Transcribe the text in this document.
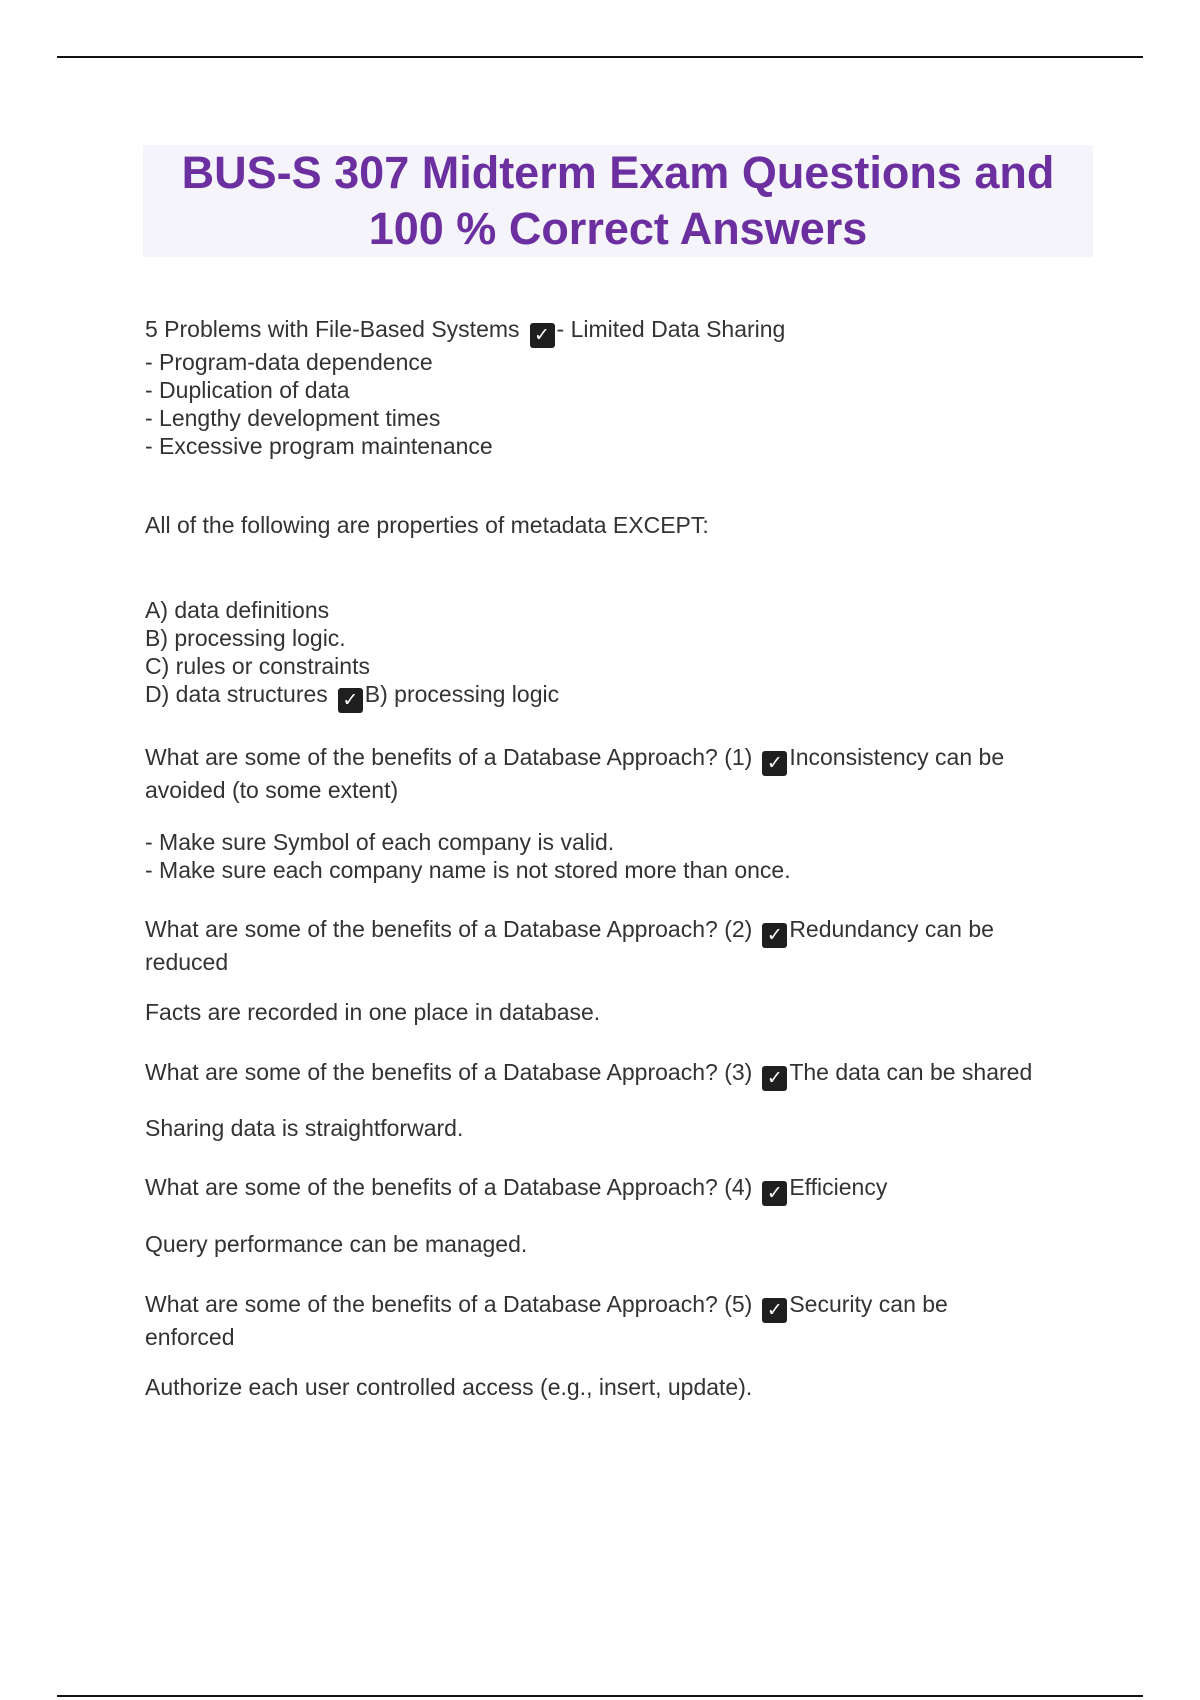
BUS-S 307 Midterm Exam Questions and
100 % Correct Answers
5 Problems with File-Based Systems ✓ - Limited Data Sharing
- Program-data dependence
- Duplication of data
- Lengthy development times
- Excessive program maintenance
All of the following are properties of metadata EXCEPT:
A) data definitions
B) processing logic.
C) rules or constraints
D) data structures ✓ B) processing logic
What are some of the benefits of a Database Approach? (1) ✓ Inconsistency can be
avoided (to some extent)
- Make sure Symbol of each company is valid.
- Make sure each company name is not stored more than once.
What are some of the benefits of a Database Approach? (2) ✓ Redundancy can be
reduced
Facts are recorded in one place in database.
What are some of the benefits of a Database Approach? (3) ✓ The data can be shared
Sharing data is straightforward.
What are some of the benefits of a Database Approach? (4) ✓ Efficiency
Query performance can be managed.
What are some of the benefits of a Database Approach? (5) ✓ Security can be
enforced
Authorize each user controlled access (e.g., insert, update).
